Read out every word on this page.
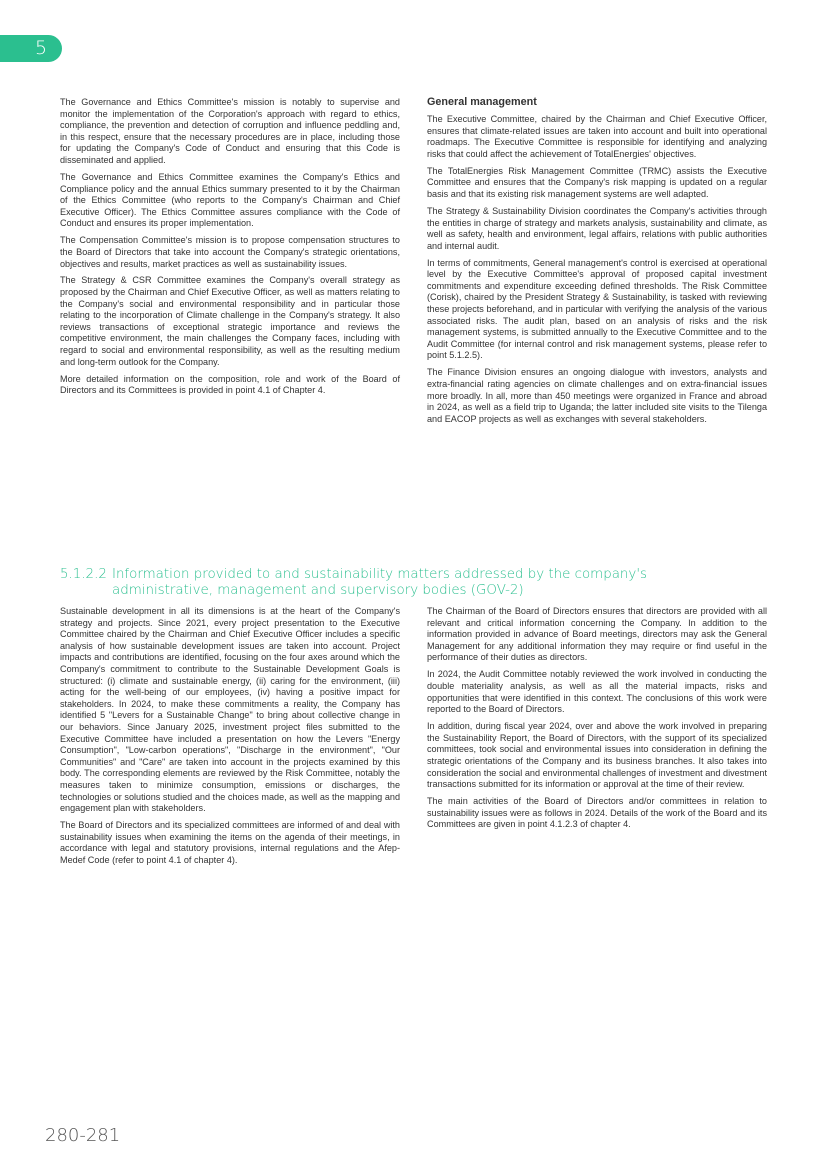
5

The Governance and Ethics Committee's mission is notably to supervise and monitor the implementation of the Corporation's approach with regard to ethics, compliance, the prevention and detection of corruption and influence peddling and, in this respect, ensure that the necessary procedures are in place, including those for updating the Company's Code of Conduct and ensuring that this Code is disseminated and applied.

The Governance and Ethics Committee examines the Company's Ethics and Compliance policy and the annual Ethics summary presented to it by the Chairman of the Ethics Committee (who reports to the Company's Chairman and Chief Executive Officer). The Ethics Committee assures compliance with the Code of Conduct and ensures its proper implementation.

The Compensation Committee's mission is to propose compensation structures to the Board of Directors that take into account the Company's strategic orientations, objectives and results, market practices as well as sustainability issues.

The Strategy & CSR Committee examines the Company's overall strategy as proposed by the Chairman and Chief Executive Officer, as well as matters relating to the Company's social and environmental responsibility and in particular those relating to the incorporation of Climate challenge in the Company's strategy. It also reviews transactions of exceptional strategic importance and reviews the competitive environment, the main challenges the Company faces, including with regard to social and environmental responsibility, as well as the resulting medium and long-term outlook for the Company.

More detailed information on the composition, role and work of the Board of Directors and its Committees is provided in point 4.1 of Chapter 4.

General management

The Executive Committee, chaired by the Chairman and Chief Executive Officer, ensures that climate-related issues are taken into account and built into operational roadmaps. The Executive Committee is responsible for identifying and analyzing risks that could affect the achievement of TotalEnergies' objectives.

The TotalEnergies Risk Management Committee (TRMC) assists the Executive Committee and ensures that the Company's risk mapping is updated on a regular basis and that its existing risk management systems are well adapted.

The Strategy & Sustainability Division coordinates the Company's activities through the entities in charge of strategy and markets analysis, sustainability and climate, as well as safety, health and environment, legal affairs, relations with public authorities and internal audit.

In terms of commitments, General management's control is exercised at operational level by the Executive Committee's approval of proposed capital investment commitments and expenditure exceeding defined thresholds. The Risk Committee (Corisk), chaired by the President Strategy & Sustainability, is tasked with reviewing these projects beforehand, and in particular with verifying the analysis of the various associated risks. The audit plan, based on an analysis of risks and the risk management systems, is submitted annually to the Executive Committee and to the Audit Committee (for internal control and risk management systems, please refer to point 5.1.2.5).

The Finance Division ensures an ongoing dialogue with investors, analysts and extra-financial rating agencies on climate challenges and on extra-financial issues more broadly. In all, more than 450 meetings were organized in France and abroad in 2024, as well as a field trip to Uganda; the latter included site visits to the Tilenga and EACOP projects as well as exchanges with several stakeholders.

5.1.2.2 Information provided to and sustainability matters addressed by the company's
administrative, management and supervisory bodies (GOV-2)

Sustainable development in all its dimensions is at the heart of the Company's strategy and projects. Since 2021, every project presentation to the Executive Committee chaired by the Chairman and Chief Executive Officer includes a specific analysis of how sustainable development issues are taken into account. Project impacts and contributions are identified, focusing on the four axes around which the Company's commitment to contribute to the Sustainable Development Goals is structured: (i) climate and sustainable energy, (ii) caring for the environment, (iii) acting for the well-being of our employees, (iv) having a positive impact for stakeholders. In 2024, to make these commitments a reality, the Company has identified 5 "Levers for a Sustainable Change" to bring about collective change in our behaviors. Since January 2025, investment project files submitted to the Executive Committee have included a presentation on how the Levers "Energy Consumption", "Low-carbon operations", "Discharge in the environment", "Our Communities" and "Care" are taken into account in the projects examined by this body. The corresponding elements are reviewed by the Risk Committee, notably the measures taken to minimize consumption, emissions or discharges, the technologies or solutions studied and the choices made, as well as the mapping and engagement plan with stakeholders.

The Board of Directors and its specialized committees are informed of and deal with sustainability issues when examining the items on the agenda of their meetings, in accordance with legal and statutory provisions, internal regulations and the Afep-Medef Code (refer to point 4.1 of chapter 4).

The Chairman of the Board of Directors ensures that directors are provided with all relevant and critical information concerning the Company. In addition to the information provided in advance of Board meetings, directors may ask the General Management for any additional information they may require or find useful in the performance of their duties as directors.

In 2024, the Audit Committee notably reviewed the work involved in conducting the double materiality analysis, as well as all the material impacts, risks and opportunities that were identified in this context. The conclusions of this work were reported to the Board of Directors.

In addition, during fiscal year 2024, over and above the work involved in preparing the Sustainability Report, the Board of Directors, with the support of its specialized committees, took social and environmental issues into consideration in defining the strategic orientations of the Company and its business branches. It also takes into consideration the social and environmental challenges of investment and divestment transactions submitted for its information or approval at the time of their review.

The main activities of the Board of Directors and/or committees in relation to sustainability issues were as follows in 2024. Details of the work of the Board and its Committees are given in point 4.1.2.3 of chapter 4.

280-281
